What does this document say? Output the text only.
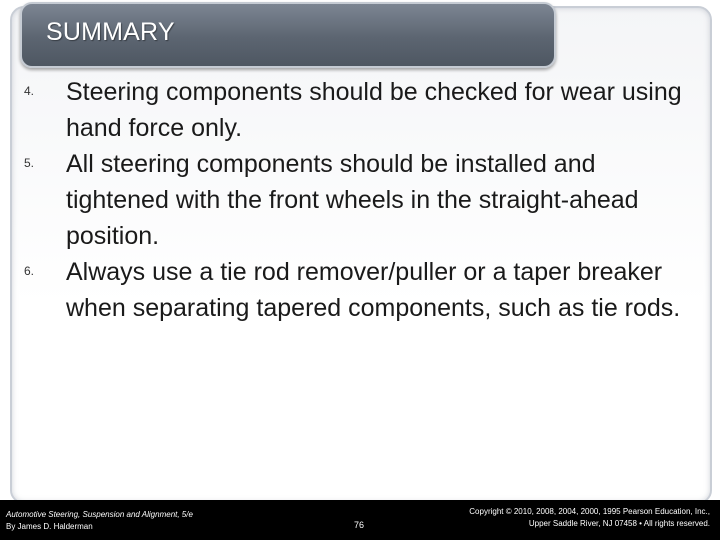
SUMMARY
4. Steering components should be checked for wear using hand force only.
5. All steering components should be installed and tightened with the front wheels in the straight-ahead position.
6. Always use a tie rod remover/puller or a taper breaker when separating tapered components, such as tie rods.
Automotive Steering, Suspension and Alignment, 5/e
By James D. Halderman	76
Copyright © 2010, 2008, 2004, 2000, 1995 Pearson Education, Inc.,
Upper Saddle River, NJ 07458 • All rights reserved.
